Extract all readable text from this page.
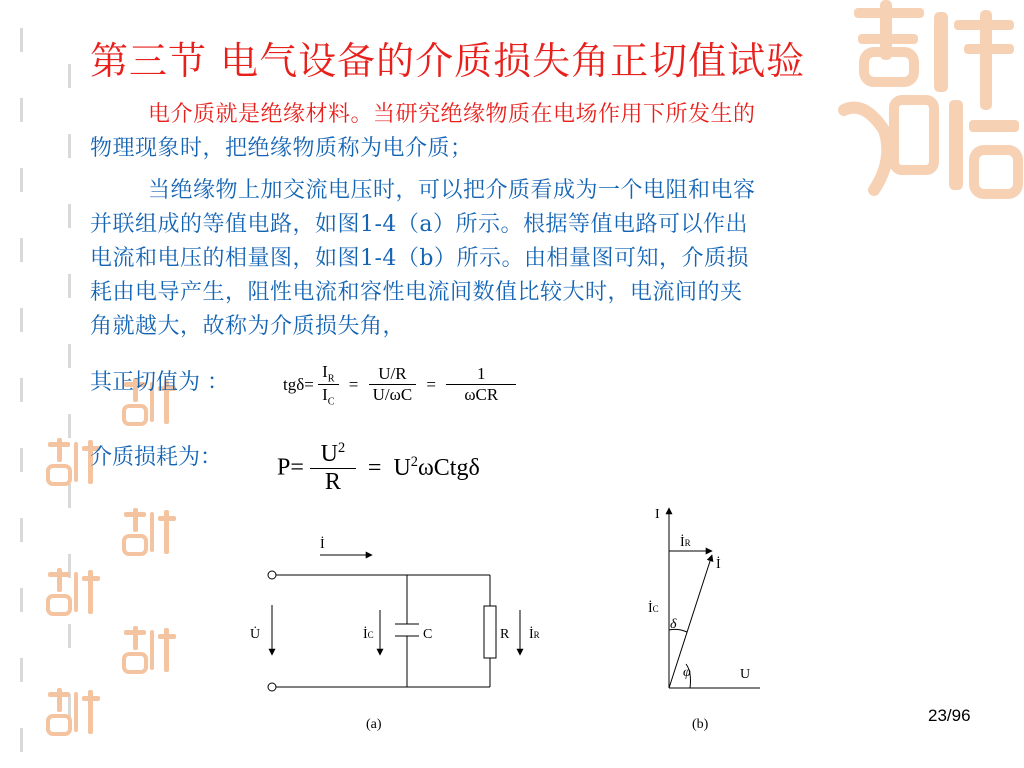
第三节 电气设备的介质损失角正切值试验
电介质就是绝缘材料。当研究绝缘物质在电场作用下所发生的
物理现象时，把绝缘物质称为电介质；
当绝缘物上加交流电压时，可以把介质看成为一个电阻和电容
并联组成的等值电路，如图1-4（a）所示。根据等值电路可以作出
电流和电压的相量图，如图1-4（b）所示。由相量图可知，介质损
耗由电导产生，阻性电流和容性电流间数值比较大时，电流间的夹
角就越大，故称为介质损失角，
其正切值为 ：	$tg\delta= \frac{I_R}{I_C} = \frac{U/R}{U/\omega C} = \frac{1}{\text{ωCR}}$
介质损耗为： $P= \frac{U^2}{R} = U^2\omega Ctg\delta$
İ
U̇	İC	C	R İR
(a)
I
İR
İ
İC
δ
φ	U
(b)	23/96
